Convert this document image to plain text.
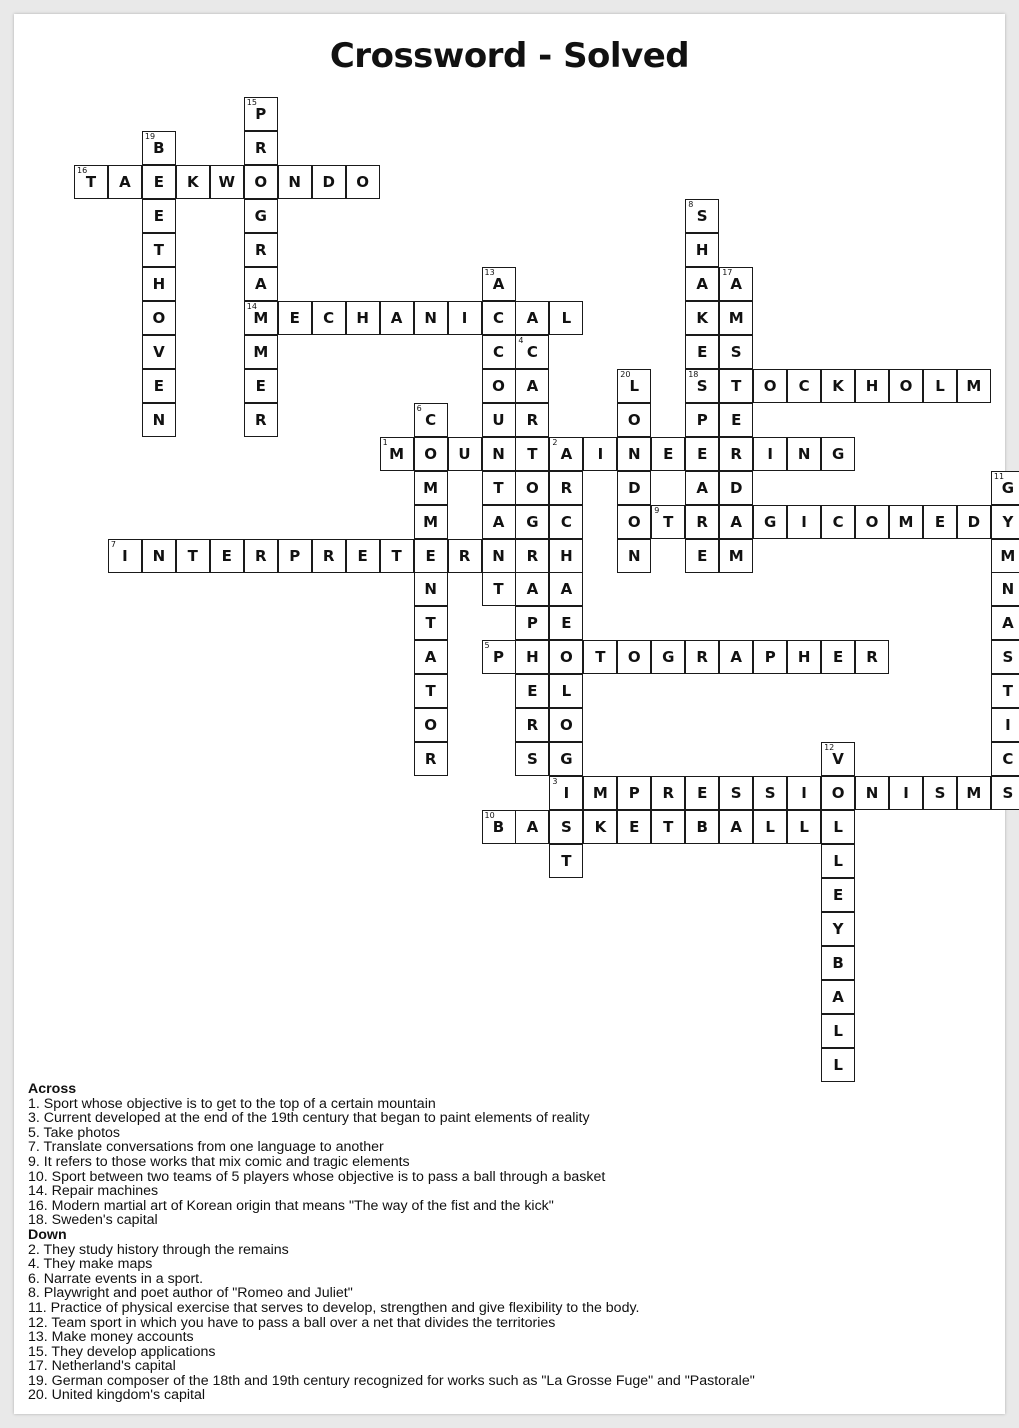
Crossword - Solved
1
M O U N T
2
A I N E E R I N G
3
I M P R E S S I O N I S M S
5
P H O T O G R A P H E R
7
I N T E R P R E T E R
9
T R A G I C O M E D Y
10
B A S K E T B A L L
14
M E C H A N I C A L
16
T A E K W O N D O
18
S T O C K H O L M
R
C
H
A
E
L
O
G
T
4
C
A
R
O
G
R
A
P
E
R
S
6
C
M
M
N
T
A
T
O
R
8
S
H
A
K
E
P
A
E
11
G
M
N
A
S
T
I
C
12
V
L
L
E
Y
B
A
L
L
13
A
C
O
U
T
A
N
T
15
P
R
G
R
A
M
E
R
17
A
M
S
E
D
M
19
B
E
T
H
O
V
E
N
20
L
O
D
O
N
Across
1. Sport whose objective is to get to the top of a certain mountain
3. Current developed at the end of the 19th century that began to paint elements of reality
5. Take photos
7. Translate conversations from one language to another
9. It refers to those works that mix comic and tragic elements
10. Sport between two teams of 5 players whose objective is to pass a ball through a basket
14. Repair machines
16. Modern martial art of Korean origin that means "The way of the fist and the kick"
18. Sweden's capital
Down
2. They study history through the remains
4. They make maps
6. Narrate events in a sport.
8. Playwright and poet author of "Romeo and Juliet"
11. Practice of physical exercise that serves to develop, strengthen and give flexibility to the body.
12. Team sport in which you have to pass a ball over a net that divides the territories
13. Make money accounts
15. They develop applications
17. Netherland's capital
19. German composer of the 18th and 19th century recognized for works such as "La Grosse Fuge" and "Pastorale"
20. United kingdom's capital
